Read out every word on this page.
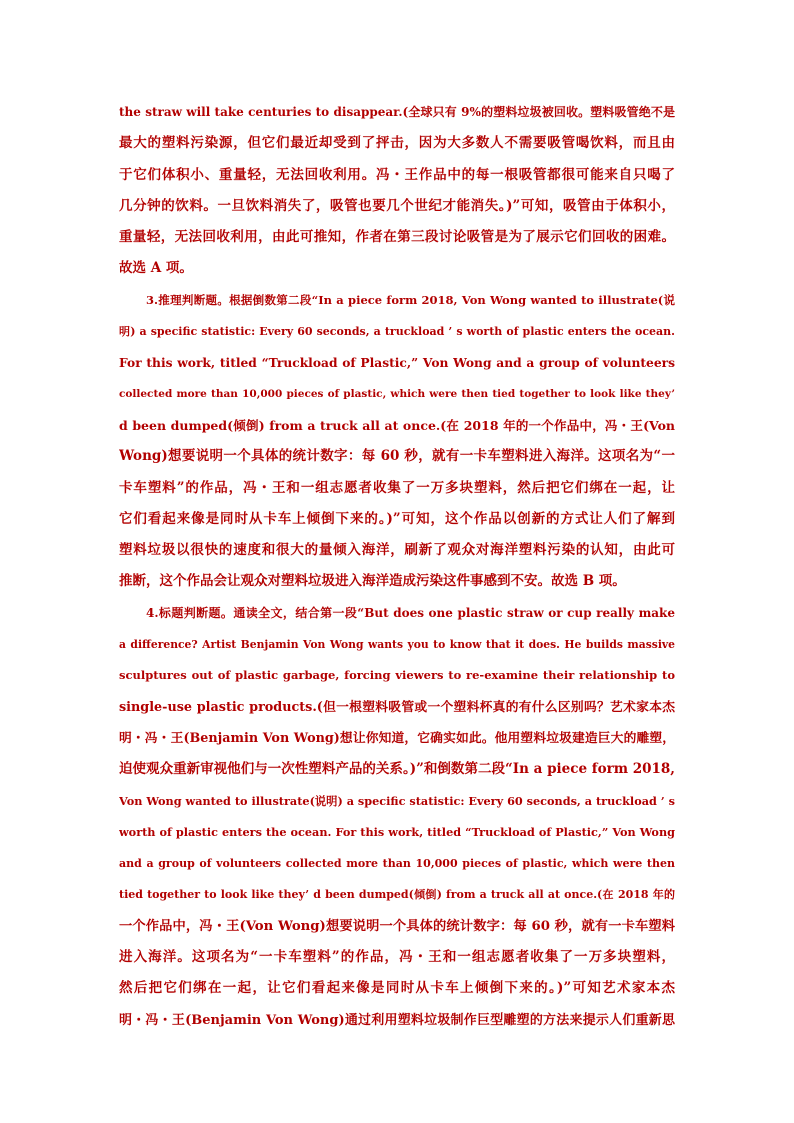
the straw will take centuries to disappear.(全球只有 9%的塑料垃圾被回收。塑料吸管绝不是
最大的塑料污染源，但它们最近却受到了抨击，因为大多数人不需要吸管喝饮料，而且由
于它们体积小、重量轻，无法回收利用。冯・王作品中的每一根吸管都很可能来自只喝了
几分钟的饮料。一旦饮料消失了，吸管也要几个世纪才能消失。)”可知，吸管由于体积小，
重量轻，无法回收利用，由此可推知，作者在第三段讨论吸管是为了展示它们回收的困难。
故选 A 项。
3.推理判断题。根据倒数第二段“In a piece form 2018, Von Wong wanted to illustrate(说
明) a specific statistic: Every 60 seconds, a truckload ’ s worth of plastic enters the ocean.
For this work, titled “Truckload of Plastic,” Von Wong and a group of volunteers
collected more than 10,000 pieces of plastic, which were then tied together to look like they’
d been dumped(倾倒) from a truck all at once.(在 2018 年的一个作品中，冯・王(Von
Wong)想要说明一个具体的统计数字：每 60 秒，就有一卡车塑料进入海洋。这项名为“一
卡车塑料”的作品，冯・王和一组志愿者收集了一万多块塑料，然后把它们绑在一起，让
它们看起来像是同时从卡车上倾倒下来的。)”可知，这个作品以创新的方式让人们了解到
塑料垃圾以很快的速度和很大的量倾入海洋，刷新了观众对海洋塑料污染的认知，由此可
推断，这个作品会让观众对塑料垃圾进入海洋造成污染这件事感到不安。故选 B 项。
4.标题判断题。通读全文，结合第一段“But does one plastic straw or cup really make
a difference? Artist Benjamin Von Wong wants you to know that it does. He builds massive
sculptures out of plastic garbage, forcing viewers to re-examine their relationship to
single-use plastic products.(但一根塑料吸管或一个塑料杯真的有什么区别吗？艺术家本杰
明・冯・王(Benjamin Von Wong)想让你知道，它确实如此。他用塑料垃圾建造巨大的雕塑，
迫使观众重新审视他们与一次性塑料产品的关系。)”和倒数第二段“In a piece form 2018,
Von Wong wanted to illustrate(说明) a specific statistic: Every 60 seconds, a truckload ’ s
worth of plastic enters the ocean. For this work, titled “Truckload of Plastic,” Von Wong
and a group of volunteers collected more than 10,000 pieces of plastic, which were then
tied together to look like they’ d been dumped(倾倒) from a truck all at once.(在 2018 年的
一个作品中，冯・王(Von Wong)想要说明一个具体的统计数字：每 60 秒，就有一卡车塑料
进入海洋。这项名为“一卡车塑料”的作品，冯・王和一组志愿者收集了一万多块塑料，
然后把它们绑在一起，让它们看起来像是同时从卡车上倾倒下来的。)”可知艺术家本杰
明・冯・王(Benjamin Von Wong)通过利用塑料垃圾制作巨型雕塑的方法来提示人们重新思
